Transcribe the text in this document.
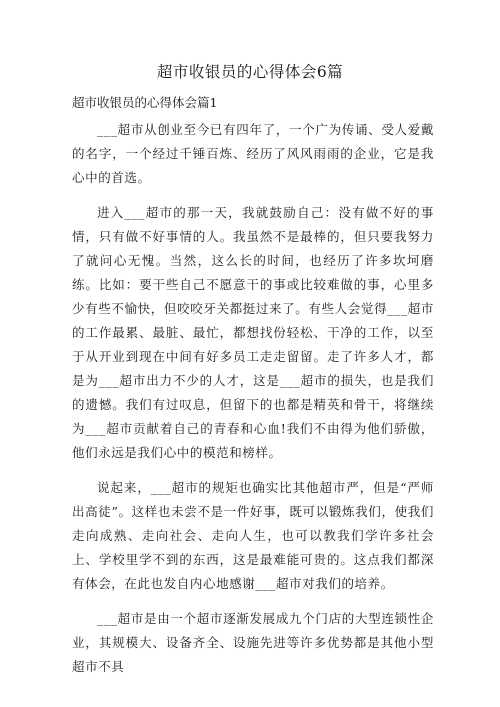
超市收银员的心得体会6篇
超市收银员的心得体会篇1

___超市从创业至今已有四年了，一个广为传诵、受人爱戴的名字，一个经过千锤百炼、经历了风风雨雨的企业，它是我心中的首选。

进入___超市的那一天，我就鼓励自己：没有做不好的事情，只有做不好事情的人。我虽然不是最棒的，但只要我努力了就问心无愧。当然，这么长的时间，也经历了许多坎坷磨练。比如：要干些自己不愿意干的事或比较难做的事，心里多少有些不愉快，但咬咬牙关都挺过来了。有些人会觉得___超市的工作最累、最脏、最忙，都想找份轻松、干净的工作，以至于从开业到现在中间有好多员工走走留留。走了许多人才，都是为___超市出力不少的人才，这是___超市的损失，也是我们的遗憾。我们有过叹息，但留下的也都是精英和骨干，将继续为___超市贡献着自己的青春和心血!我们不由得为他们骄傲，他们永远是我们心中的模范和榜样。

说起来，___超市的规矩也确实比其他超市严，但是“严师出高徒”。这样也未尝不是一件好事，既可以锻炼我们，使我们走向成熟、走向社会、走向人生，也可以教我们学许多社会上、学校里学不到的东西，这是最难能可贵的。这点我们都深有体会，在此也发自内心地感谢___超市对我们的培养。

___超市是由一个超市逐渐发展成九个门店的大型连锁性企业，其规模大、设备齐全、设施先进等许多优势都是其他小型超市不具
